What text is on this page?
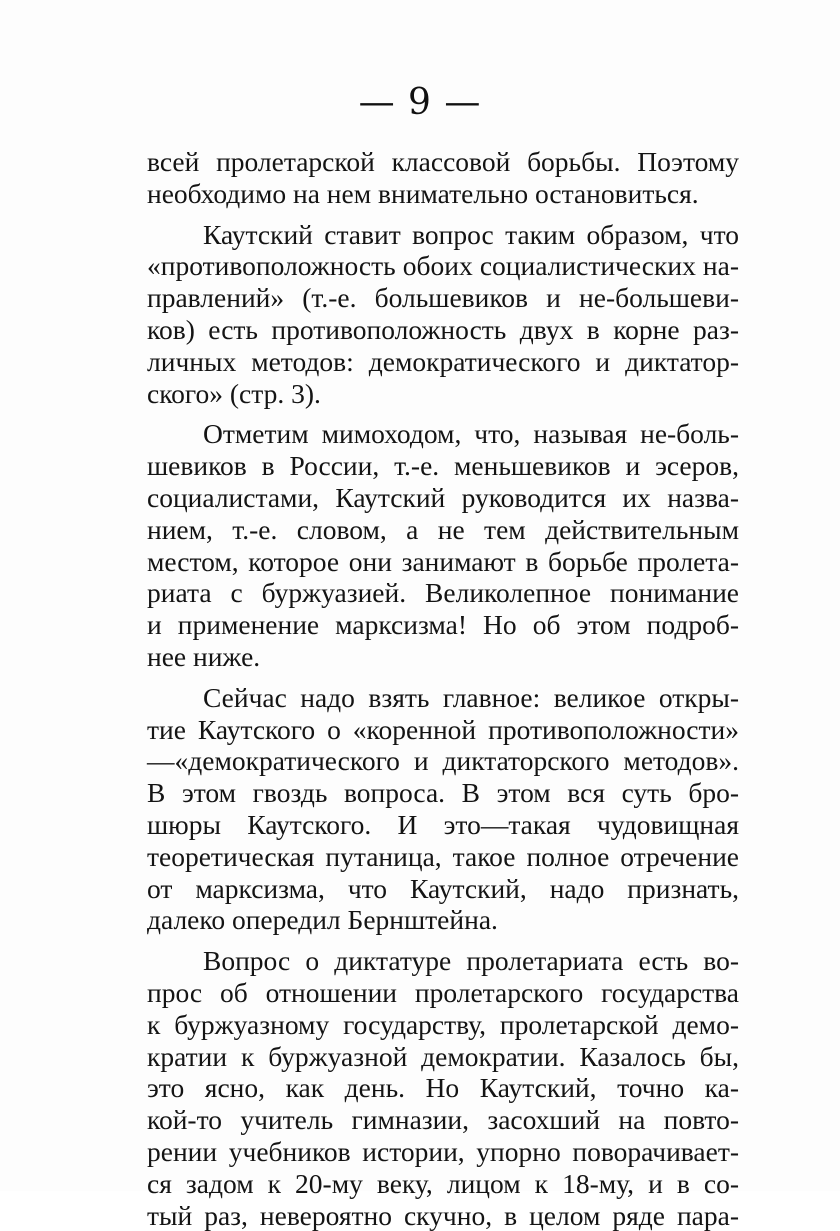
— 9 —
всей пролетарской классовой борьбы. Поэтому
необходимо на нем внимательно остановиться.
Каутский ставит вопрос таким образом, что
«противоположность обоих социалистических на-
правлений» (т.-е. большевиков и не-большеви-
ков) есть противоположность двух в корне раз-
личных методов: демократического и диктатор-
ского» (стр. 3).
Отметим мимоходом, что, называя не-боль-
шевиков в России, т.-е. меньшевиков и эсеров,
социалистами, Каутский руководится их назва-
нием, т.-е. словом, а не тем действительным
местом, которое они занимают в борьбе пролета-
риата с буржуазией. Великолепное понимание
и применение марксизма! Но об этом подроб-
нее ниже.
Сейчас надо взять главное: великое откры-
тие Каутского о «коренной противоположности»
—«демократического и диктаторского методов».
В этом гвоздь вопроса. В этом вся суть бро-
шюры Каутского. И это—такая чудовищная
теоретическая путаница, такое полное отречение
от марксизма, что Каутский, надо признать,
далеко опередил Бернштейна.
Вопрос о диктатуре пролетариата есть во-
прос об отношении пролетарского государства
к буржуазному государству, пролетарской демо-
кратии к буржуазной демократии. Казалось бы,
это ясно, как день. Но Каутский, точно ка-
кой-то учитель гимназии, засохший на повто-
рении учебников истории, упорно поворачивает-
ся задом к 20-му веку, лицом к 18-му, и в со-
тый раз, невероятно скучно, в целом ряде пара-
